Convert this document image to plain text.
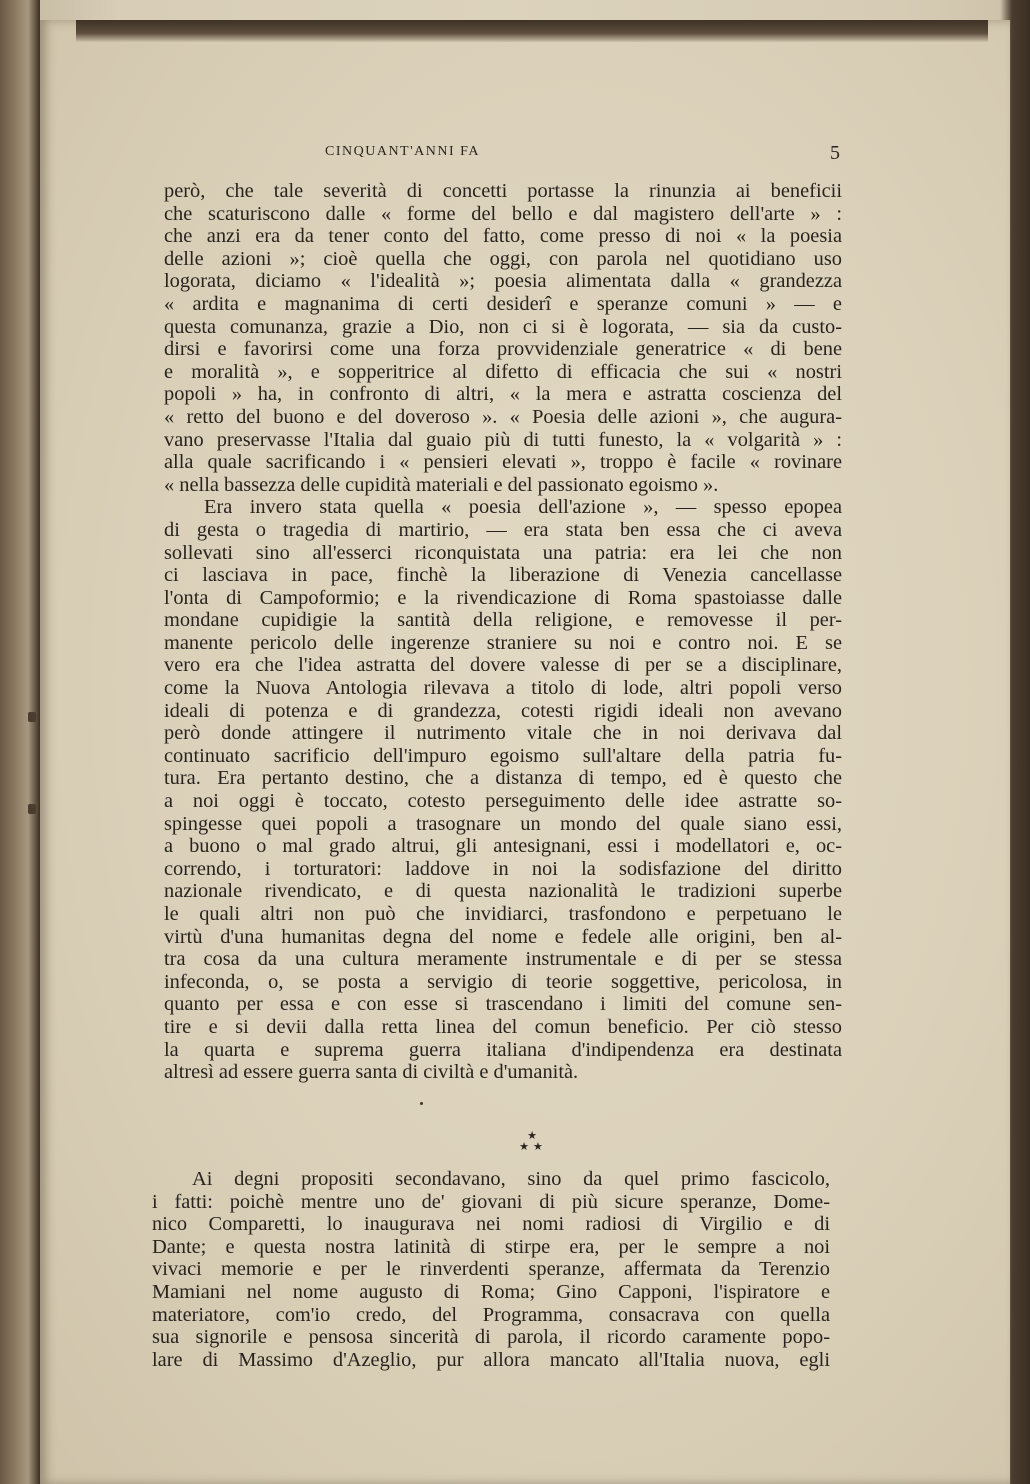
CINQUANT'ANNI FA	5
però, che tale severità di concetti portasse la rinunzia ai beneficii
che scaturiscono dalle « forme del bello e dal magistero dell'arte » :
che anzi era da tener conto del fatto, come presso di noi « la poesia
delle azioni »; cioè quella che oggi, con parola nel quotidiano uso
logorata, diciamo « l'idealità »; poesia alimentata dalla « grandezza
« ardita e magnanima di certi desiderî e speranze comuni » — e
questa comunanza, grazie a Dio, non ci si è logorata, — sia da custo-
dirsi e favorirsi come una forza provvidenziale generatrice « di bene
e moralità », e sopperitrice al difetto di efficacia che sui « nostri
popoli » ha, in confronto di altri, « la mera e astratta coscienza del
« retto del buono e del doveroso ». « Poesia delle azioni », che augura-
vano preservasse l'Italia dal guaio più di tutti funesto, la « volgarità » :
alla quale sacrificando i « pensieri elevati », troppo è facile « rovinare
« nella bassezza delle cupidità materiali e del passionato egoismo ».
Era invero stata quella « poesia dell'azione », — spesso epopea
di gesta o tragedia di martirio, — era stata ben essa che ci aveva
sollevati sino all'esserci riconquistata una patria: era lei che non
ci lasciava in pace, finchè la liberazione di Venezia cancellasse
l'onta di Campoformio; e la rivendicazione di Roma spastoiasse dalle
mondane cupidigie la santità della religione, e removesse il per-
manente pericolo delle ingerenze straniere su noi e contro noi. E se
vero era che l'idea astratta del dovere valesse di per se a disciplinare,
come la Nuova Antologia rilevava a titolo di lode, altri popoli verso
ideali di potenza e di grandezza, cotesti rigidi ideali non avevano
però donde attingere il nutrimento vitale che in noi derivava dal
continuato sacrificio dell'impuro egoismo sull'altare della patria fu-
tura. Era pertanto destino, che a distanza di tempo, ed è questo che
a noi oggi è toccato, cotesto perseguimento delle idee astratte so-
spingesse quei popoli a trasognare un mondo del quale siano essi,
a buono o mal grado altrui, gli antesignani, essi i modellatori e, oc-
correndo, i torturatori: laddove in noi la sodisfazione del diritto
nazionale rivendicato, e di questa nazionalità le tradizioni superbe
le quali altri non può che invidiarci, trasfondono e perpetuano le
virtù d'una humanitas degna del nome e fedele alle origini, ben al-
tra cosa da una cultura meramente instrumentale e di per se stessa
infeconda, o, se posta a servigio di teorie soggettive, pericolosa, in
quanto per essa e con esse si trascendano i limiti del comune sen-
tire e si devii dalla retta linea del comun beneficio. Per ciò stesso
la quarta e suprema guerra italiana d'indipendenza era destinata
altresì ad essere guerra santa di civiltà e d'umanità.
★
★★
Ai degni propositi secondavano, sino da quel primo fascicolo,
i fatti: poichè mentre uno de' giovani di più sicure speranze, Dome-
nico Comparetti, lo inaugurava nei nomi radiosi di Virgilio e di
Dante; e questa nostra latinità di stirpe era, per le sempre a noi
vivaci memorie e per le rinverdenti speranze, affermata da Terenzio
Mamiani nel nome augusto di Roma; Gino Capponi, l'ispiratore e
materiatore, com'io credo, del Programma, consacrava con quella
sua signorile e pensosa sincerità di parola, il ricordo caramente popo-
lare di Massimo d'Azeglio, pur allora mancato all'Italia nuova, egli
